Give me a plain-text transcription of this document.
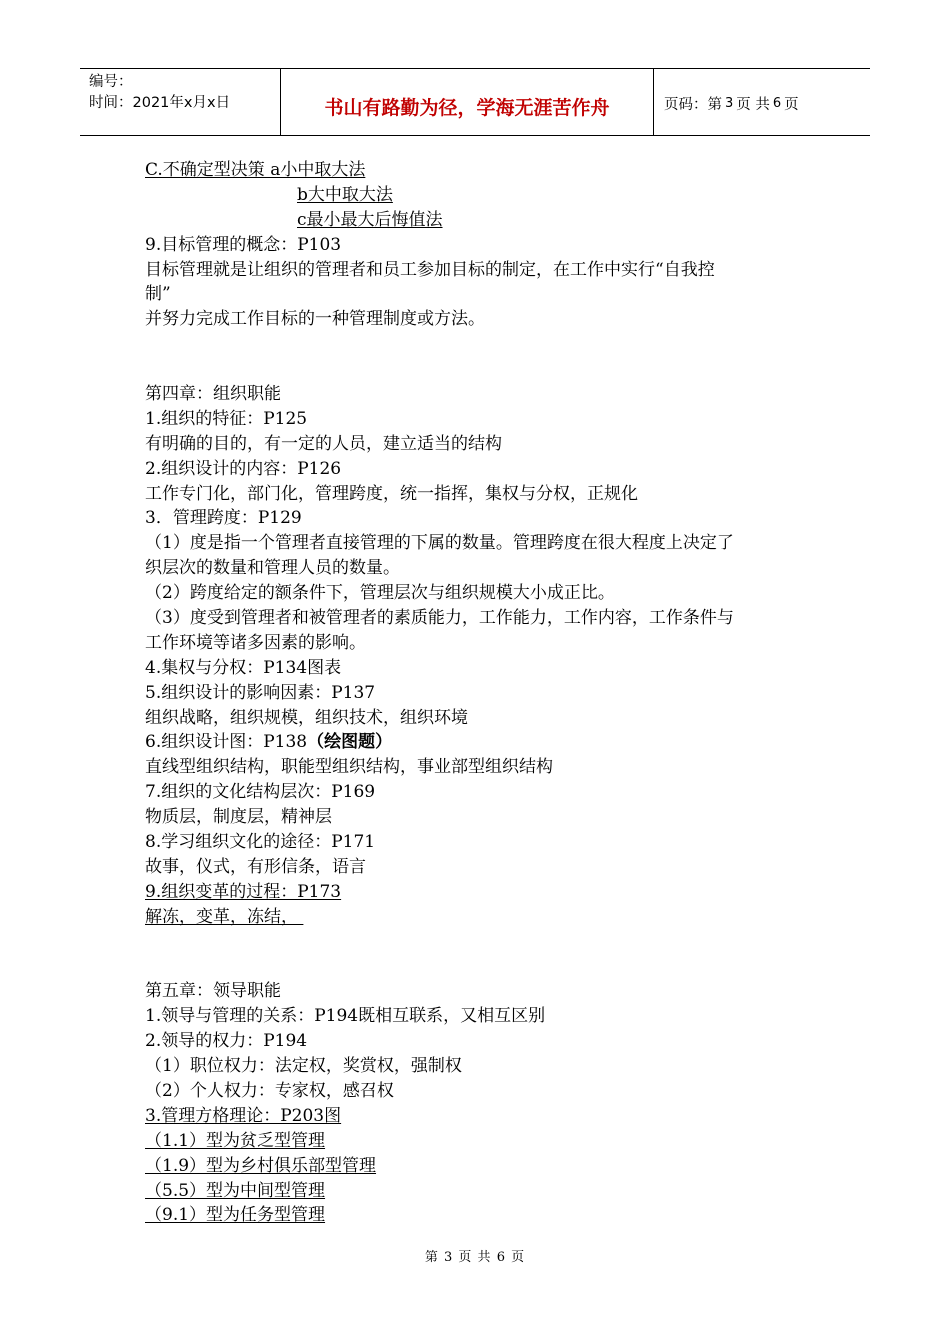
编号：
时间：2021年x月x日	书山有路勤为径，学海无涯苦作舟	页码：第 3 页 共 6 页
C.不确定型决策 a小中取大法
b大中取大法
c最小最大后悔值法
9.目标管理的概念：P103
目标管理就是让组织的管理者和员工参加目标的制定，在工作中实行“自我控
制”
并努力完成工作目标的一种管理制度或方法。
第四章：组织职能
1.组织的特征：P125
有明确的目的，有一定的人员，建立适当的结构
2.组织设计的内容：P126
工作专门化，部门化，管理跨度，统一指挥，集权与分权，正规化
3．管理跨度：P129
（1）度是指一个管理者直接管理的下属的数量。管理跨度在很大程度上决定了
织层次的数量和管理人员的数量。
（2）跨度给定的额条件下，管理层次与组织规模大小成正比。
（3）度受到管理者和被管理者的素质能力，工作能力，工作内容，工作条件与
工作环境等诸多因素的影响。
4.集权与分权：P134图表
5.组织设计的影响因素：P137
组织战略，组织规模，组织技术，组织环境
6.组织设计图：P138（绘图题）
直线型组织结构，职能型组织结构，事业部型组织结构
7.组织的文化结构层次：P169
物质层，制度层，精神层
8.学习组织文化的途径：P171
故事，仪式，有形信条，语言
9.组织变革的过程：P173
解冻，变革，冻结，
第五章：领导职能
1.领导与管理的关系：P194既相互联系，又相互区别
2.领导的权力：P194
（1）职位权力：法定权，奖赏权，强制权
（2）个人权力：专家权，感召权
3.管理方格理论：P203图
（1.1）型为贫乏型管理
（1.9）型为乡村俱乐部型管理
（5.5）型为中间型管理
（9.1）型为任务型管理
第 3 页 共 6 页
